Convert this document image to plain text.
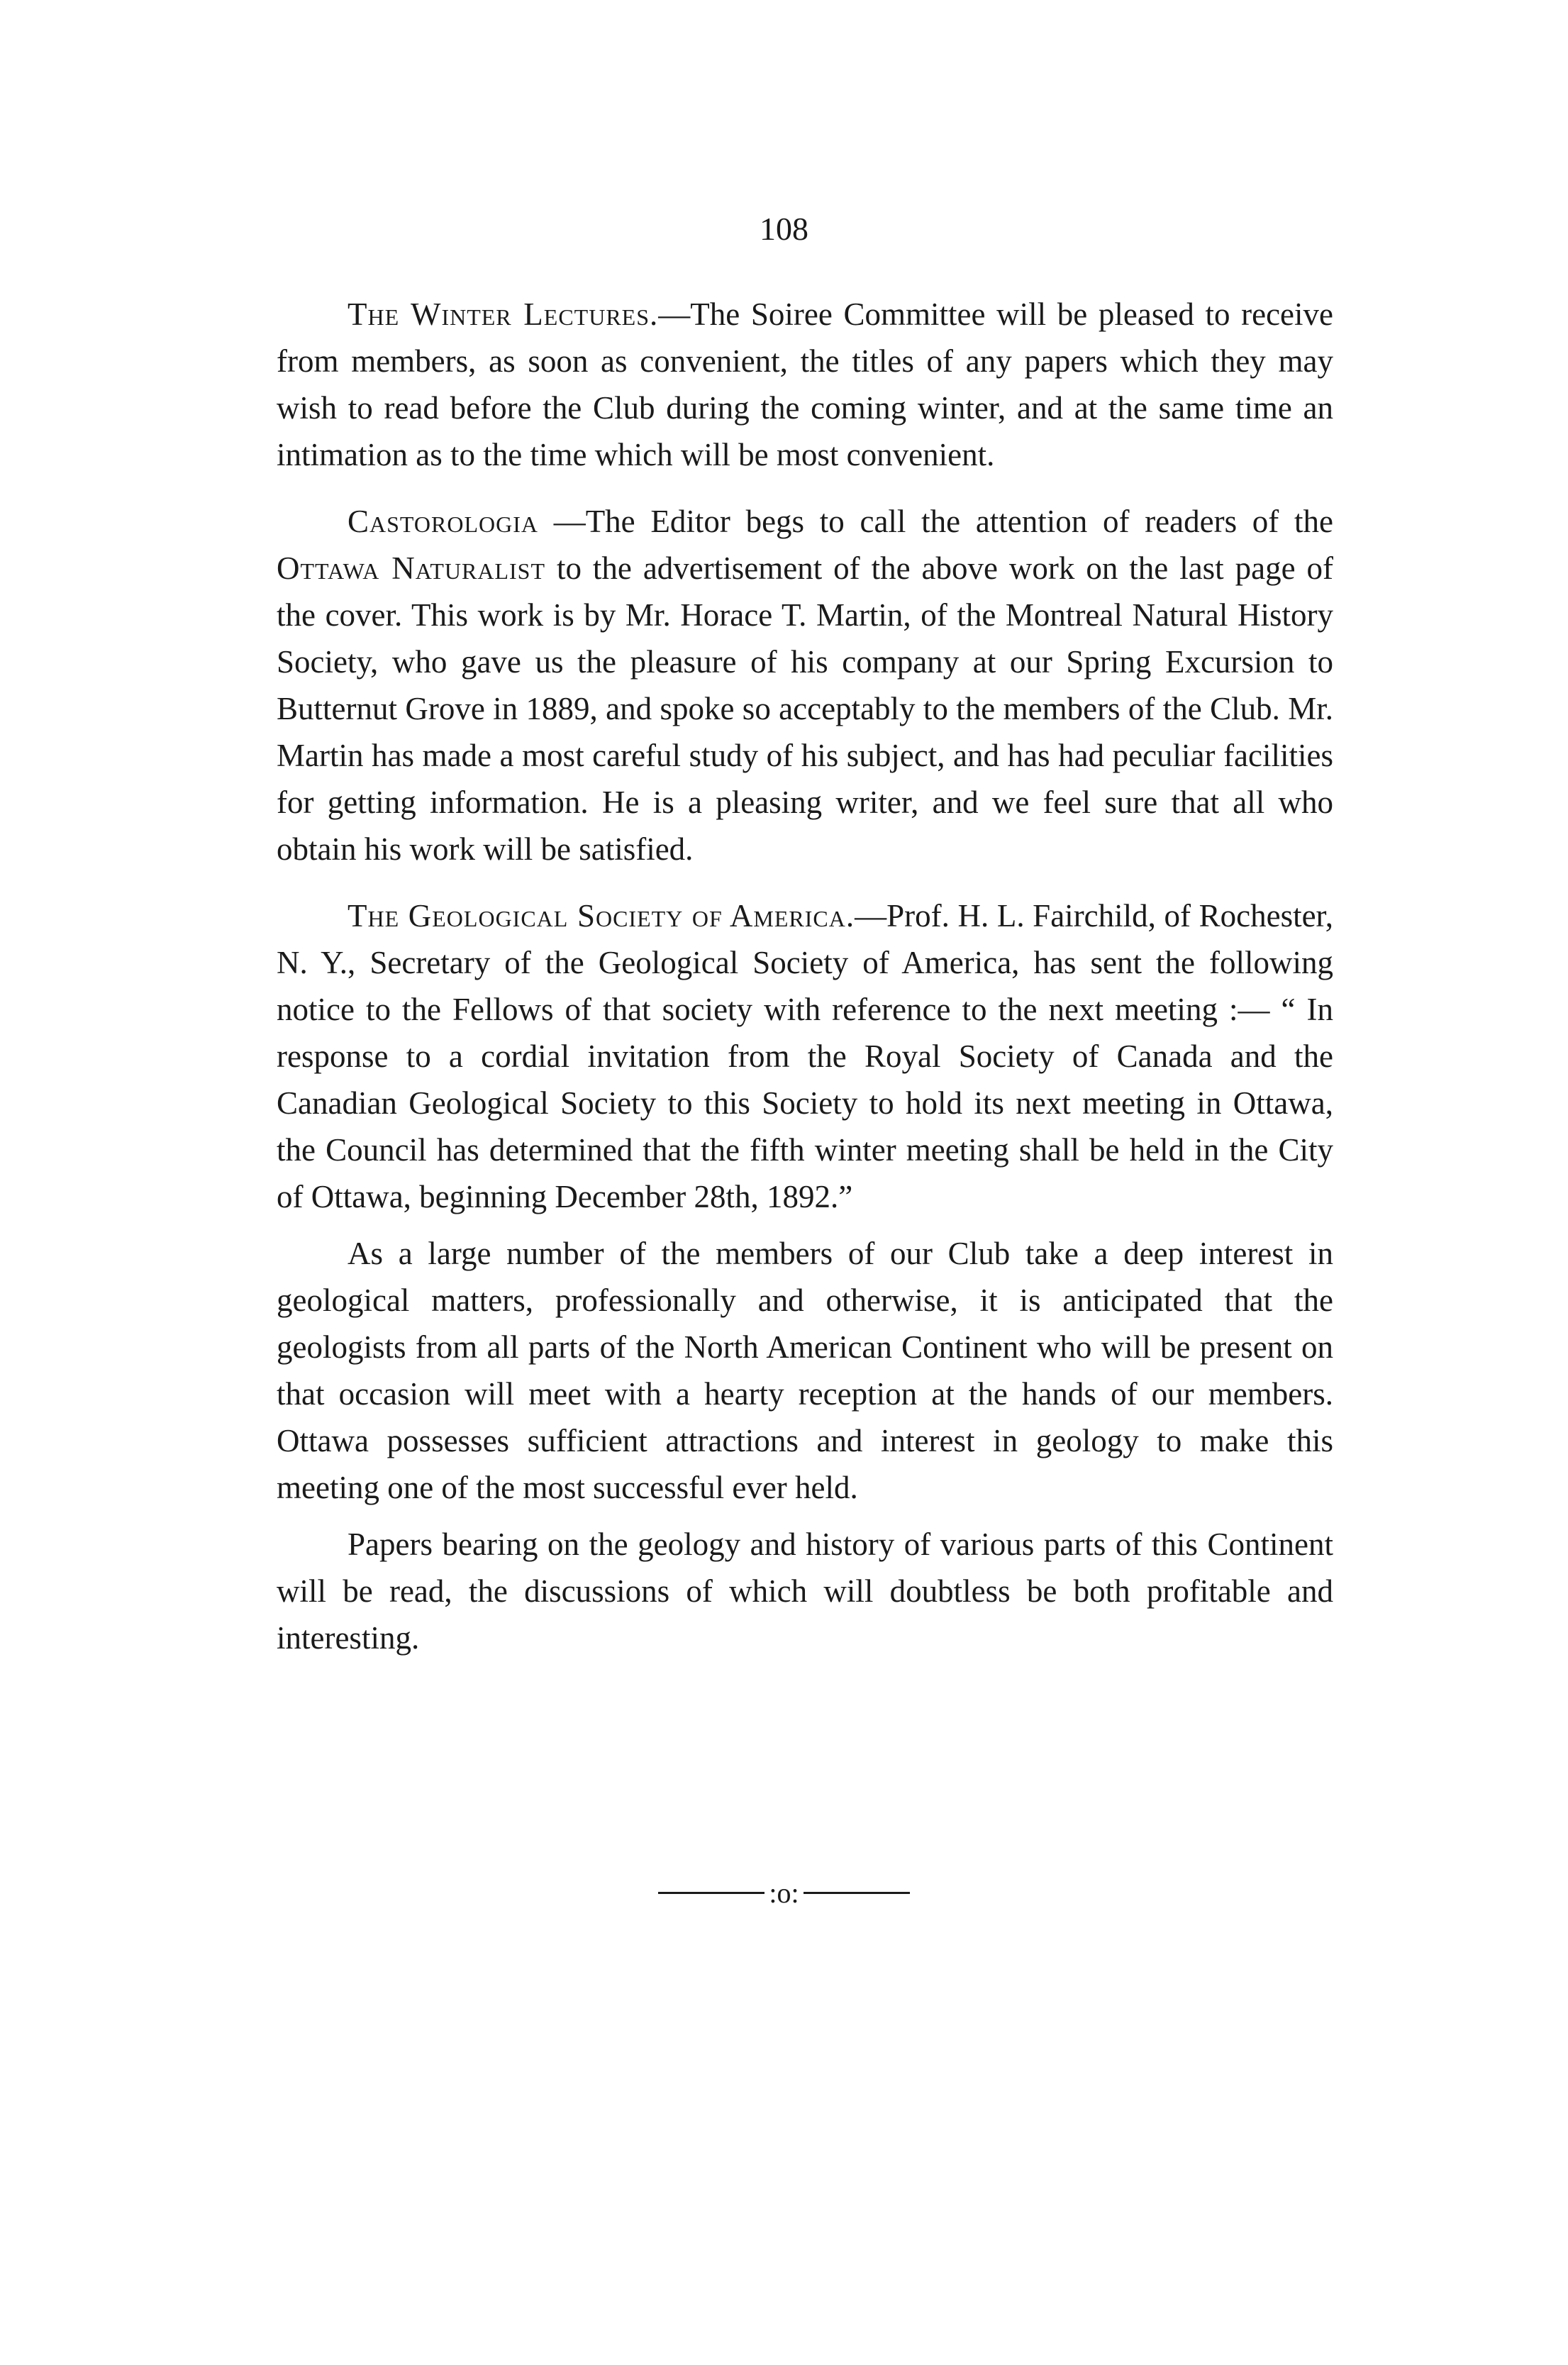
108

The Winter Lectures.—The Soiree Committee will be pleased to receive from members, as soon as convenient, the titles of any papers which they may wish to read before the Club during the coming winter, and at the same time an intimation as to the time which will be most convenient.

Castorologia —The Editor begs to call the attention of readers of the Ottawa Naturalist to the advertisement of the above work on the last page of the cover. This work is by Mr. Horace T. Martin, of the Montreal Natural History Society, who gave us the pleasure of his company at our Spring Excursion to Butternut Grove in 1889, and spoke so acceptably to the members of the Club. Mr. Martin has made a most careful study of his subject, and has had peculiar facilities for getting information. He is a pleasing writer, and we feel sure that all who obtain his work will be satisfied.

The Geological Society of America.—Prof. H. L. Fairchild, of Rochester, N. Y., Secretary of the Geological Society of America, has sent the following notice to the Fellows of that society with reference to the next meeting :— “ In response to a cordial invitation from the Royal Society of Canada and the Canadian Geological Society to this Society to hold its next meeting in Ottawa, the Council has determined that the fifth winter meeting shall be held in the City of Ottawa, beginning December 28th, 1892.”

As a large number of the members of our Club take a deep interest in geological matters, professionally and otherwise, it is anticipated that the geologists from all parts of the North American Continent who will be present on that occasion will meet with a hearty reception at the hands of our members. Ottawa possesses sufficient attractions and interest in geology to make this meeting one of the most successful ever held.

Papers bearing on the geology and history of various parts of this Continent will be read, the discussions of which will doubtless be both profitable and interesting.

:o:
